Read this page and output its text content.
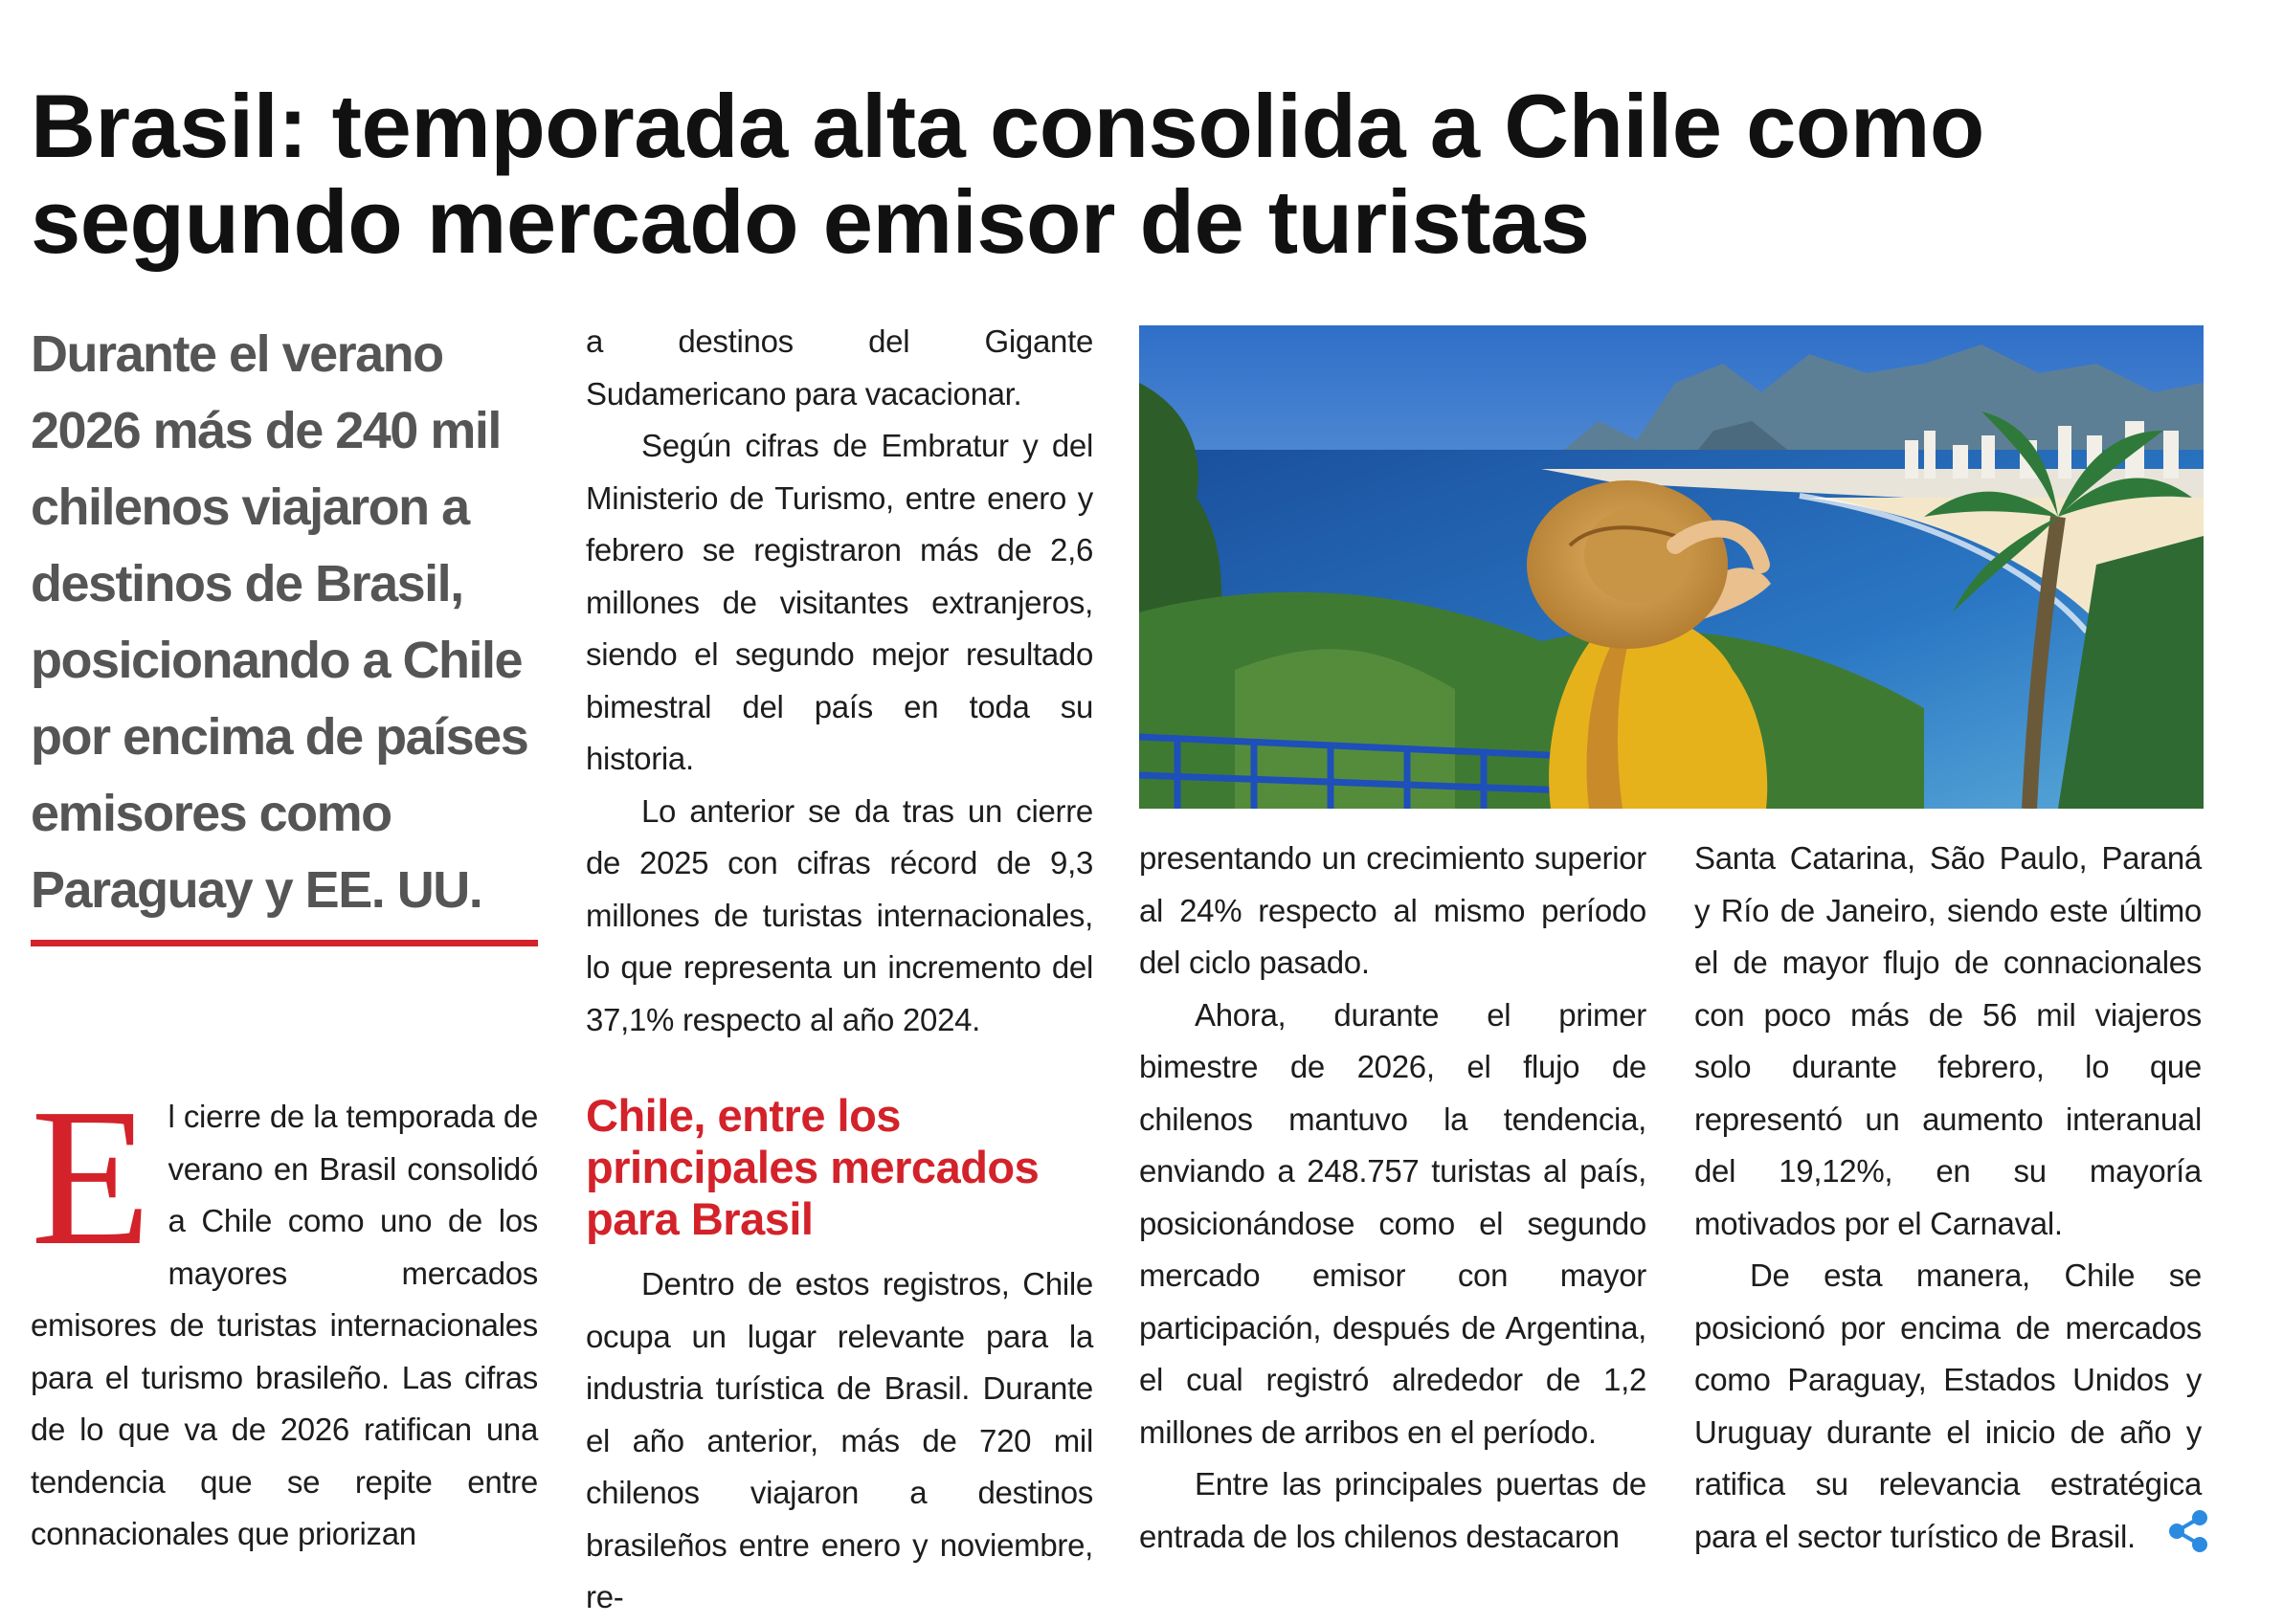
Brasil: temporada alta consolida a Chile como segundo mercado emisor de turistas

Durante el verano 2026 más de 240 mil chilenos viajaron a destinos de Brasil, posicionando a Chile por encima de países emisores como Paraguay y EE. UU.

El cierre de la temporada de verano en Brasil consolidó a Chile como uno de los mayores mercados emisores de turistas internacionales para el turismo brasileño. Las cifras de lo que va de 2026 ratifican una tendencia que se repite entre connacionales que priorizan

a destinos del Gigante Sudamericano para vacacionar.

Según cifras de Embratur y del Ministerio de Turismo, entre enero y febrero se registraron más de 2,6 millones de visitantes extranjeros, siendo el segundo mejor resultado bimestral del país en toda su historia.

Lo anterior se da tras un cierre de 2025 con cifras récord de 9,3 millones de turistas internacionales, lo que representa un incremento del 37,1% respecto al año 2024.

Chile, entre los principales mercados para Brasil

Dentro de estos registros, Chile ocupa un lugar relevante para la industria turística de Brasil. Durante el año anterior, más de 720 mil chilenos viajaron a destinos brasileños entre enero y noviembre, re-

presentando un crecimiento superior al 24% respecto al mismo período del ciclo pasado.

Ahora, durante el primer bimestre de 2026, el flujo de chilenos mantuvo la tendencia, enviando a 248.757 turistas al país, posicionándose como el segundo mercado emisor con mayor participación, después de Argentina, el cual registró alrededor de 1,2 millones de arribos en el período.

Entre las principales puertas de entrada de los chilenos destacaron

Santa Catarina, São Paulo, Paraná y Río de Janeiro, siendo este último el de mayor flujo de connacionales con poco más de 56 mil viajeros solo durante febrero, lo que representó un aumento interanual del 19,12%, en su mayoría motivados por el Carnaval.

De esta manera, Chile se posicionó por encima de mercados como Paraguay, Estados Unidos y Uruguay durante el inicio de año y ratifica su relevancia estratégica para el sector turístico de Brasil.
